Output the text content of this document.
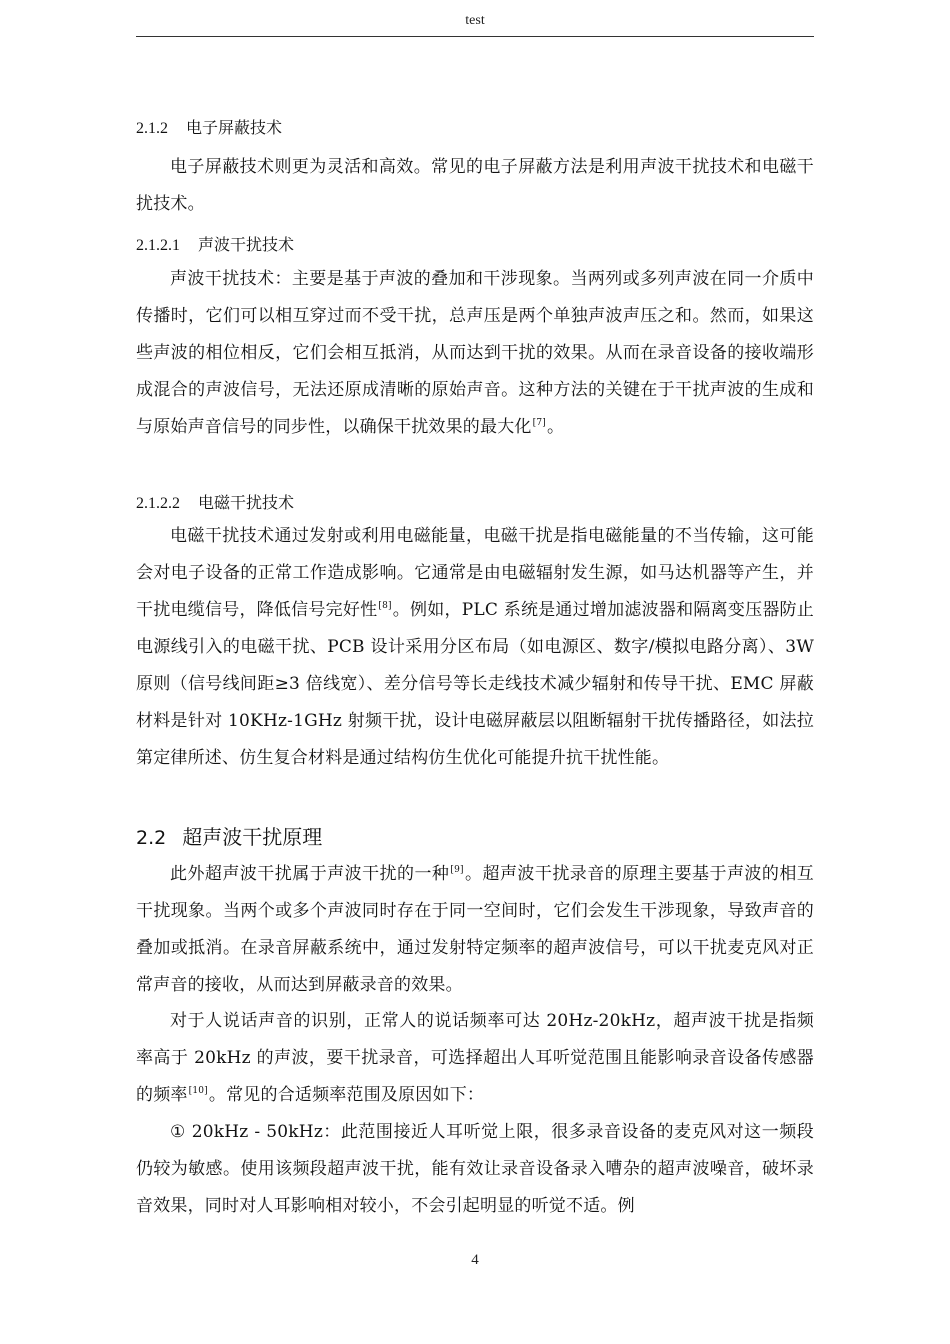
test
2.1.2 电子屏蔽技术

电子屏蔽技术则更为灵活和高效。常见的电子屏蔽方法是利用声波干扰技术和电磁干扰技术。

2.1.2.1 声波干扰技术

声波干扰技术：主要是基于声波的叠加和干涉现象。当两列或多列声波在同一介质中传播时，它们可以相互穿过而不受干扰，总声压是两个单独声波声压之和。然而，如果这些声波的相位相反，它们会相互抵消，从而达到干扰的效果。从而在录音设备的接收端形成混合的声波信号，无法还原成清晰的原始声音。这种方法的关键在于干扰声波的生成和与原始声音信号的同步性，以确保干扰效果的最大化[7]。

2.1.2.2 电磁干扰技术

电磁干扰技术通过发射或利用电磁能量，电磁干扰是指电磁能量的不当传输，这可能会对电子设备的正常工作造成影响。它通常是由电磁辐射发生源，如马达机器等产生，并干扰电缆信号，降低信号完好性[8]。例如，PLC 系统是通过增加滤波器和隔离变压器防止电源线引入的电磁干扰、PCB 设计采用分区布局（如电源区、数字/模拟电路分离）、3W 原则（信号线间距≥3 倍线宽）、差分信号等长走线技术减少辐射和传导干扰、EMC 屏蔽材料是针对 10KHz-1GHz 射频干扰，设计电磁屏蔽层以阻断辐射干扰传播路径，如法拉第定律所述、仿生复合材料是通过结构仿生优化可能提升抗干扰性能。

2.2 超声波干扰原理

此外超声波干扰属于声波干扰的一种[9]。超声波干扰录音的原理主要基于声波的相互干扰现象。当两个或多个声波同时存在于同一空间时，它们会发生干涉现象，导致声音的叠加或抵消。在录音屏蔽系统中，通过发射特定频率的超声波信号，可以干扰麦克风对正常声音的接收，从而达到屏蔽录音的效果。

对于人说话声音的识别，正常人的说话频率可达 20Hz-20kHz，超声波干扰是指频率高于 20kHz 的声波，要干扰录音，可选择超出人耳听觉范围且能影响录音设备传感器的频率[10]。常见的合适频率范围及原因如下：

① 20kHz - 50kHz：此范围接近人耳听觉上限，很多录音设备的麦克风对这一频段仍较为敏感。使用该频段超声波干扰，能有效让录音设备录入嘈杂的超声波噪音，破坏录音效果，同时对人耳影响相对较小，不会引起明显的听觉不适。例

4
